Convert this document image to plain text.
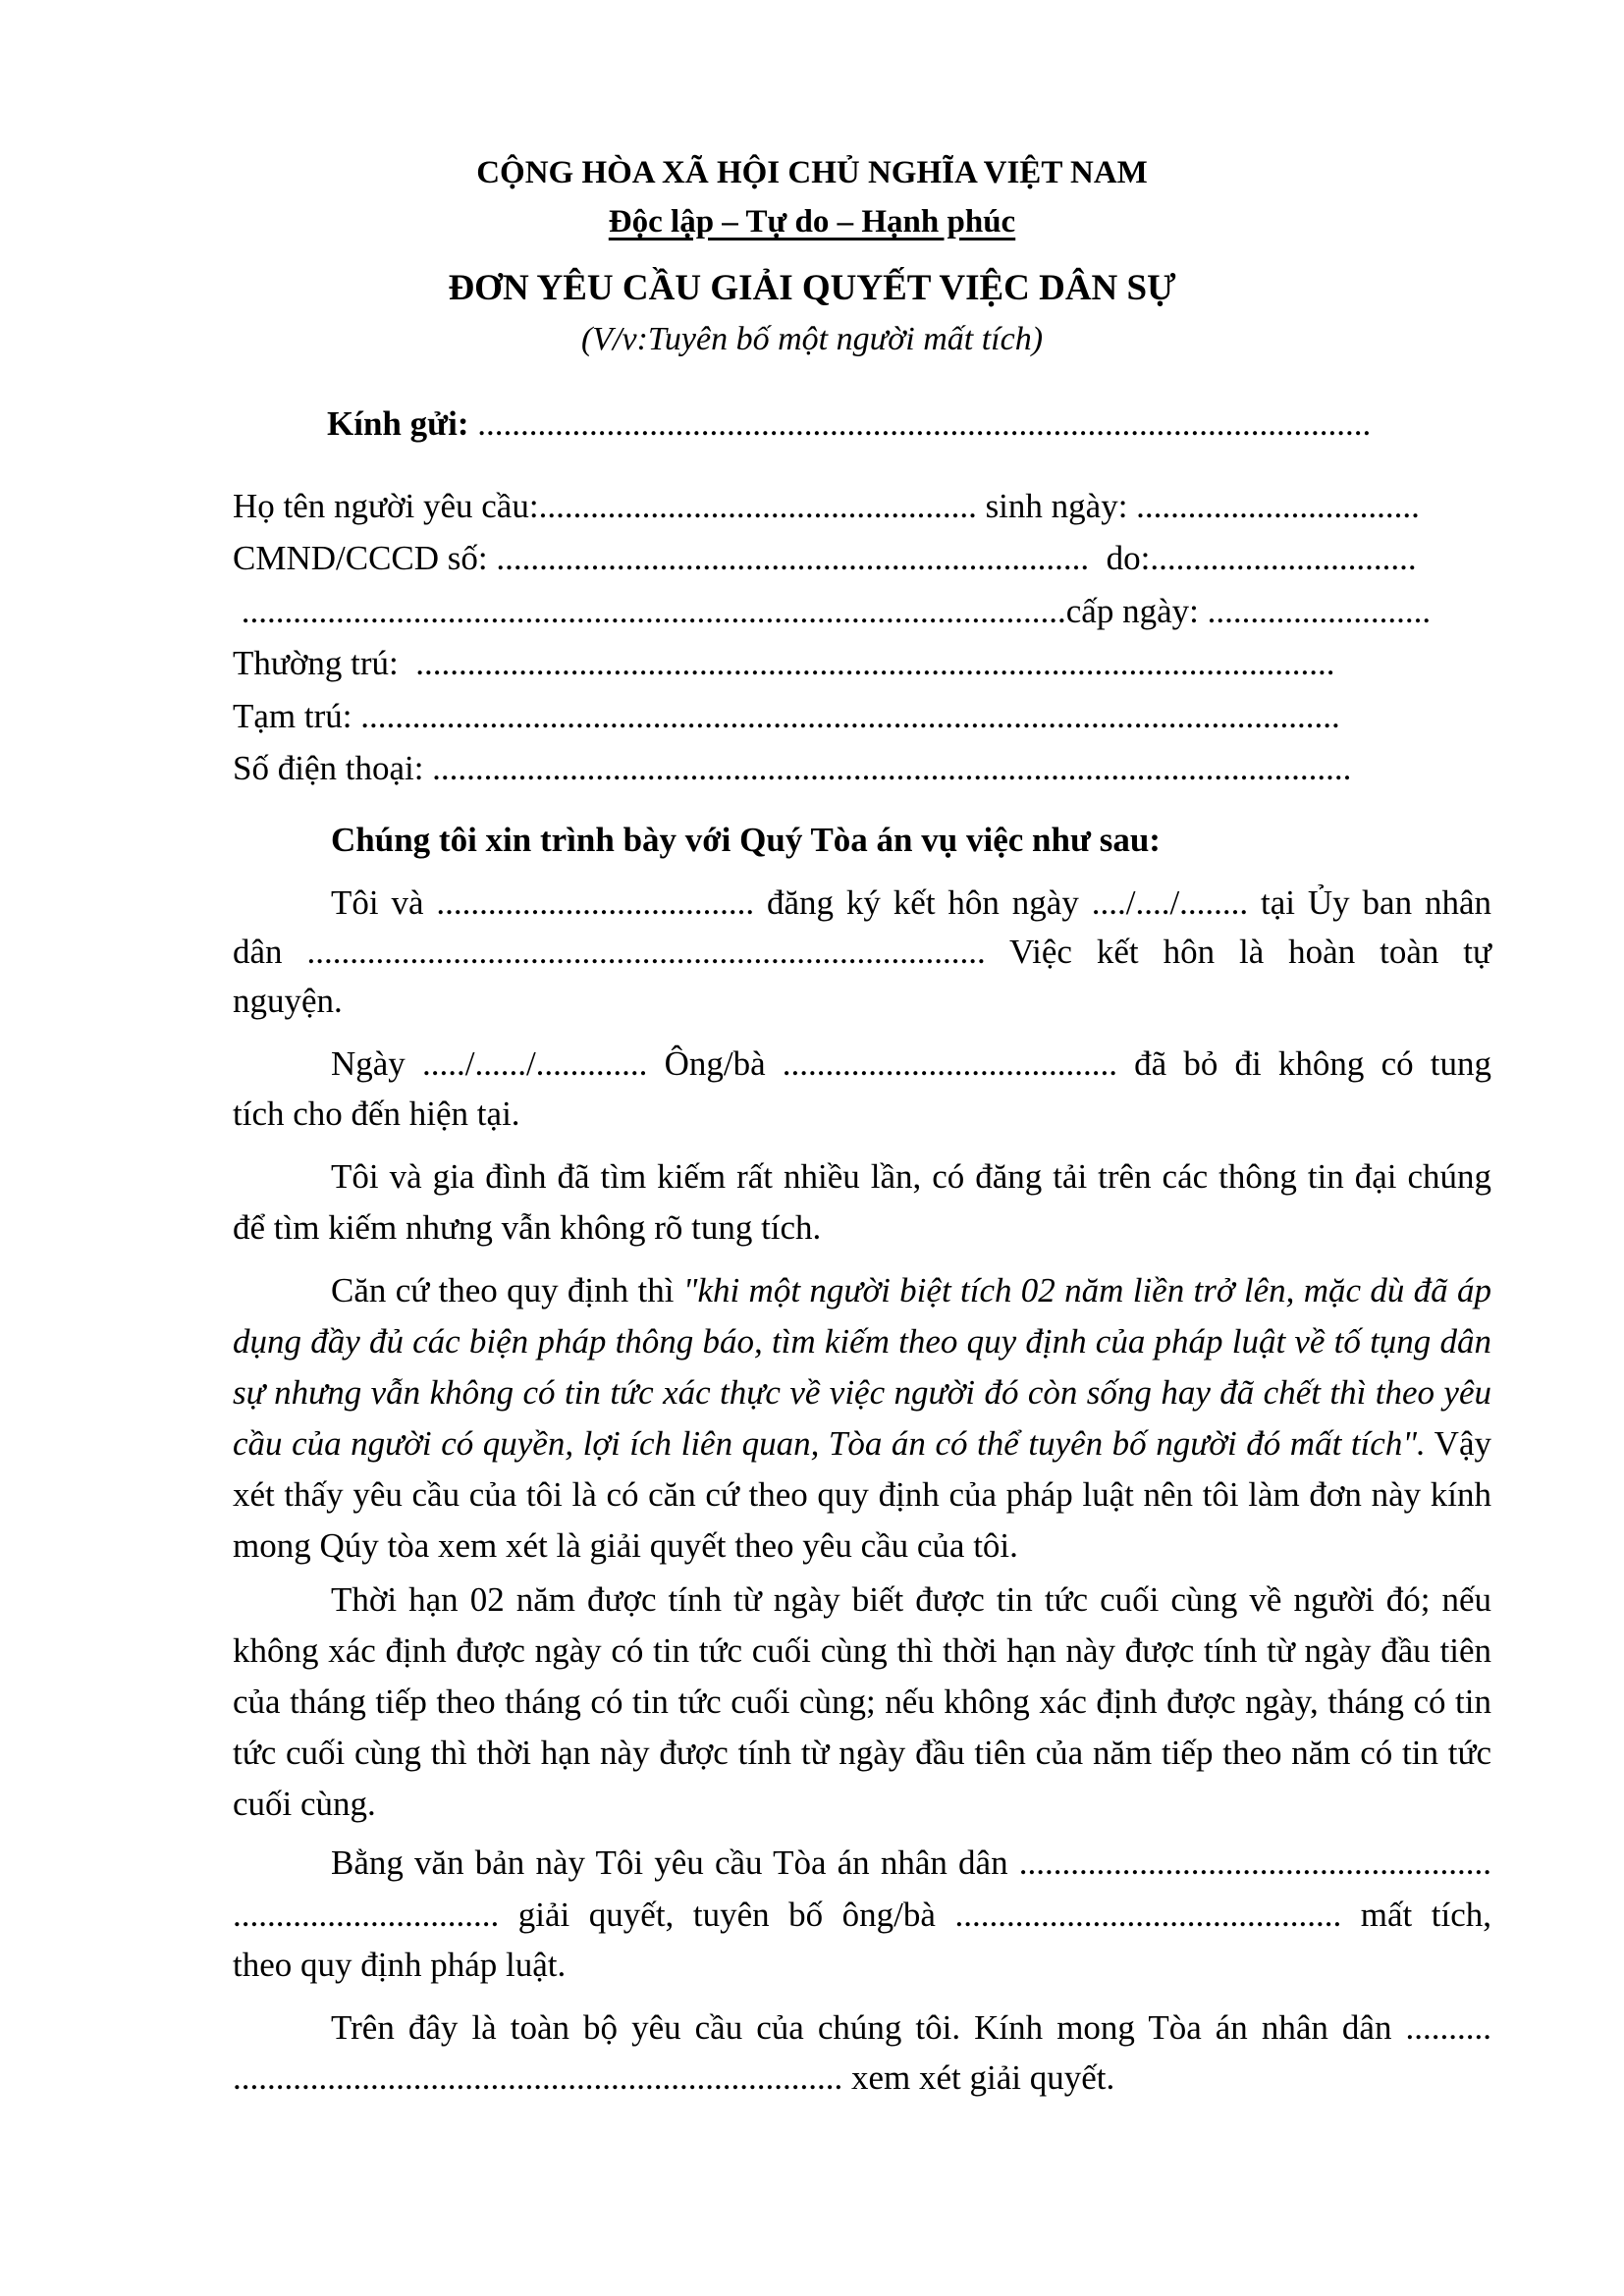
CỘNG HÒA XÃ HỘI CHỦ NGHĨA VIỆT NAM
Độc lập – Tự do – Hạnh phúc
ĐƠN YÊU CẦU GIẢI QUYẾT VIỆC DÂN SỰ
(V/v:Tuyên bố một người mất tích)
Kính gửi: ........................................................................................................
Họ tên người yêu cầu:................................................... sinh ngày: .................................
CMND/CCCD số: .....................................................................  do:...............................
................................................................................................cấp ngày: ..........................
Thường trú:  ...........................................................................................................
Tạm trú: ..................................................................................................................
Số điện thoại: ...........................................................................................................
Chúng tôi xin trình bày với Quý Tòa án vụ việc như sau:
Tôi và ..................................... đăng ký kết hôn ngày ..../..../........ tại Ủy ban nhân
dân ............................................................................... Việc kết hôn là hoàn toàn tự
nguyện.
Ngày ...../....../............. Ông/bà ....................................... đã bỏ đi không có tung
tích cho đến hiện tại.
Tôi và gia đình đã tìm kiếm rất nhiều lần, có đăng tải trên các thông tin đại chúng để tìm kiếm nhưng vẫn không rõ tung tích.
Căn cứ theo quy định thì "khi một người biệt tích 02 năm liền trở lên, mặc dù đã áp dụng đầy đủ các biện pháp thông báo, tìm kiếm theo quy định của pháp luật về tố tụng dân sự nhưng vẫn không có tin tức xác thực về việc người đó còn sống hay đã chết thì theo yêu cầu của người có quyền, lợi ích liên quan, Tòa án có thể tuyên bố người đó mất tích". Vậy xét thấy yêu cầu của tôi là có căn cứ theo quy định của pháp luật nên tôi làm đơn này kính mong Qúy tòa xem xét là giải quyết theo yêu cầu của tôi.
Thời hạn 02 năm được tính từ ngày biết được tin tức cuối cùng về người đó; nếu không xác định được ngày có tin tức cuối cùng thì thời hạn này được tính từ ngày đầu tiên của tháng tiếp theo tháng có tin tức cuối cùng; nếu không xác định được ngày, tháng có tin tức cuối cùng thì thời hạn này được tính từ ngày đầu tiên của năm tiếp theo năm có tin tức cuối cùng.
Bằng văn bản này Tôi yêu cầu Tòa án nhân dân .......................................................
............................... giải quyết, tuyên bố ông/bà ............................................. mất tích,
theo quy định pháp luật.
Trên đây là toàn bộ yêu cầu của chúng tôi. Kính mong Tòa án nhân dân ..........
....................................................................... xem xét giải quyết.
